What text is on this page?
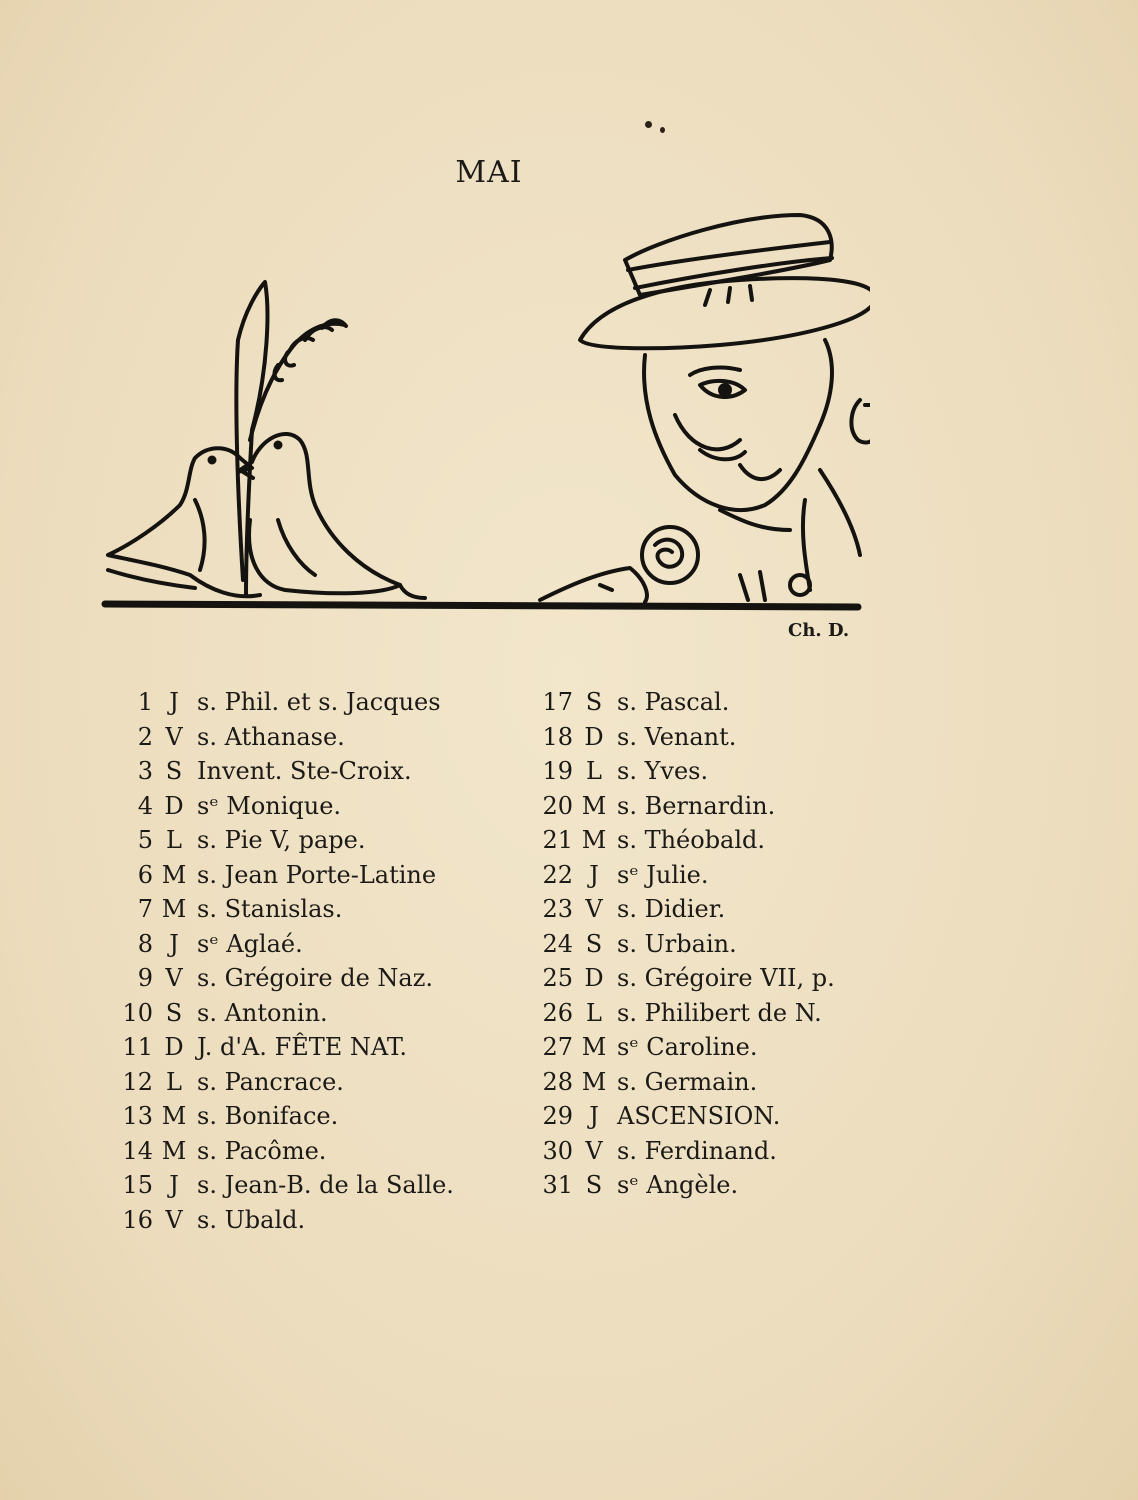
MAI
Ch. D.
1 J s. Phil. et s. Jacques
2 V s. Athanase.
3 S Invent. Ste-Croix.
4 D sᵉ Monique.
5 L s. Pie V, pape.
6 M s. Jean Porte-Latine
7 M s. Stanislas.
8 J sᵉ Aglaé.
9 V s. Grégoire de Naz.
10 S s. Antonin.
11 D J. d'A. FÊTE NAT.
12 L s. Pancrace.
13 M s. Boniface.
14 M s. Pacôme.
15 J s. Jean-B. de la Salle.
16 V s. Ubald.
17 S s. Pascal.
18 D s. Venant.
19 L s. Yves.
20 M s. Bernardin.
21 M s. Théobald.
22 J sᵉ Julie.
23 V s. Didier.
24 S s. Urbain.
25 D s. Grégoire VII, p.
26 L s. Philibert de N.
27 M sᵉ Caroline.
28 M s. Germain.
29 J ASCENSION.
30 V s. Ferdinand.
31 S sᵉ Angèle.
